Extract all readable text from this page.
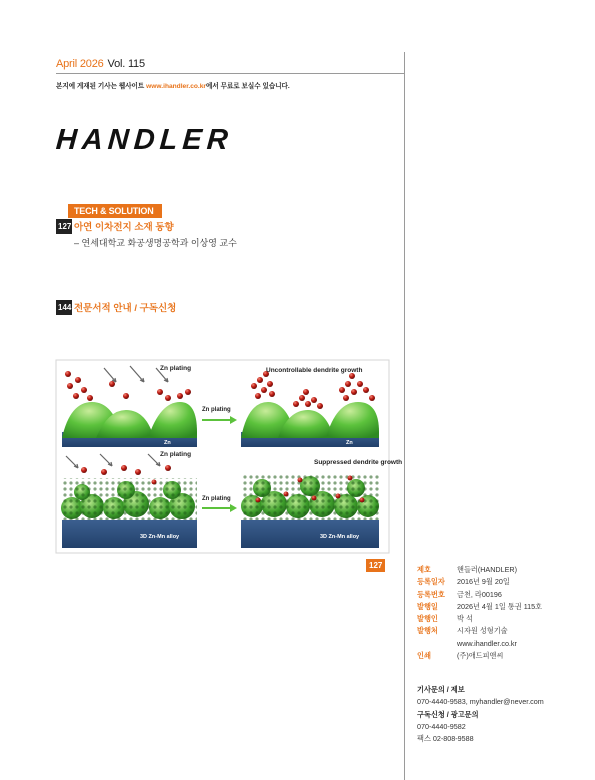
April 2026 Vol. 115
본지에 게재된 기사는 웹사이트 www.ihandler.co.kr에서 무료로 보실수 있습니다.
HANDLER
TECH & SOLUTION
127 아연 이차전지 소재 동향
– 연세대학교 화공생명공학과 이상영 교수
144 전문서적 안내 / 구독신청
Zn plating
Zn
Zn plating
Uncontrollable dendrite growth
Zn
Zn plating
3D Zn-Mn alloy
Zn plating
Suppressed dendrite growth
3D Zn-Mn alloy
127	제호	핸들러(HANDLER)
등록일자	2016년 9월 20일
등록번호	금천, 라00196
발행일	2026년 4월 1일 통권 115호
발행인	박 석
발행처	시자원 성형기술
www.ihandler.co.kr
인쇄	(주)애드피앤씨
기사문의 / 제보
070-4440-9583, myhandler@never.com
구독신청 / 광고문의
070-4440-9582
팩스 02-808-9588
